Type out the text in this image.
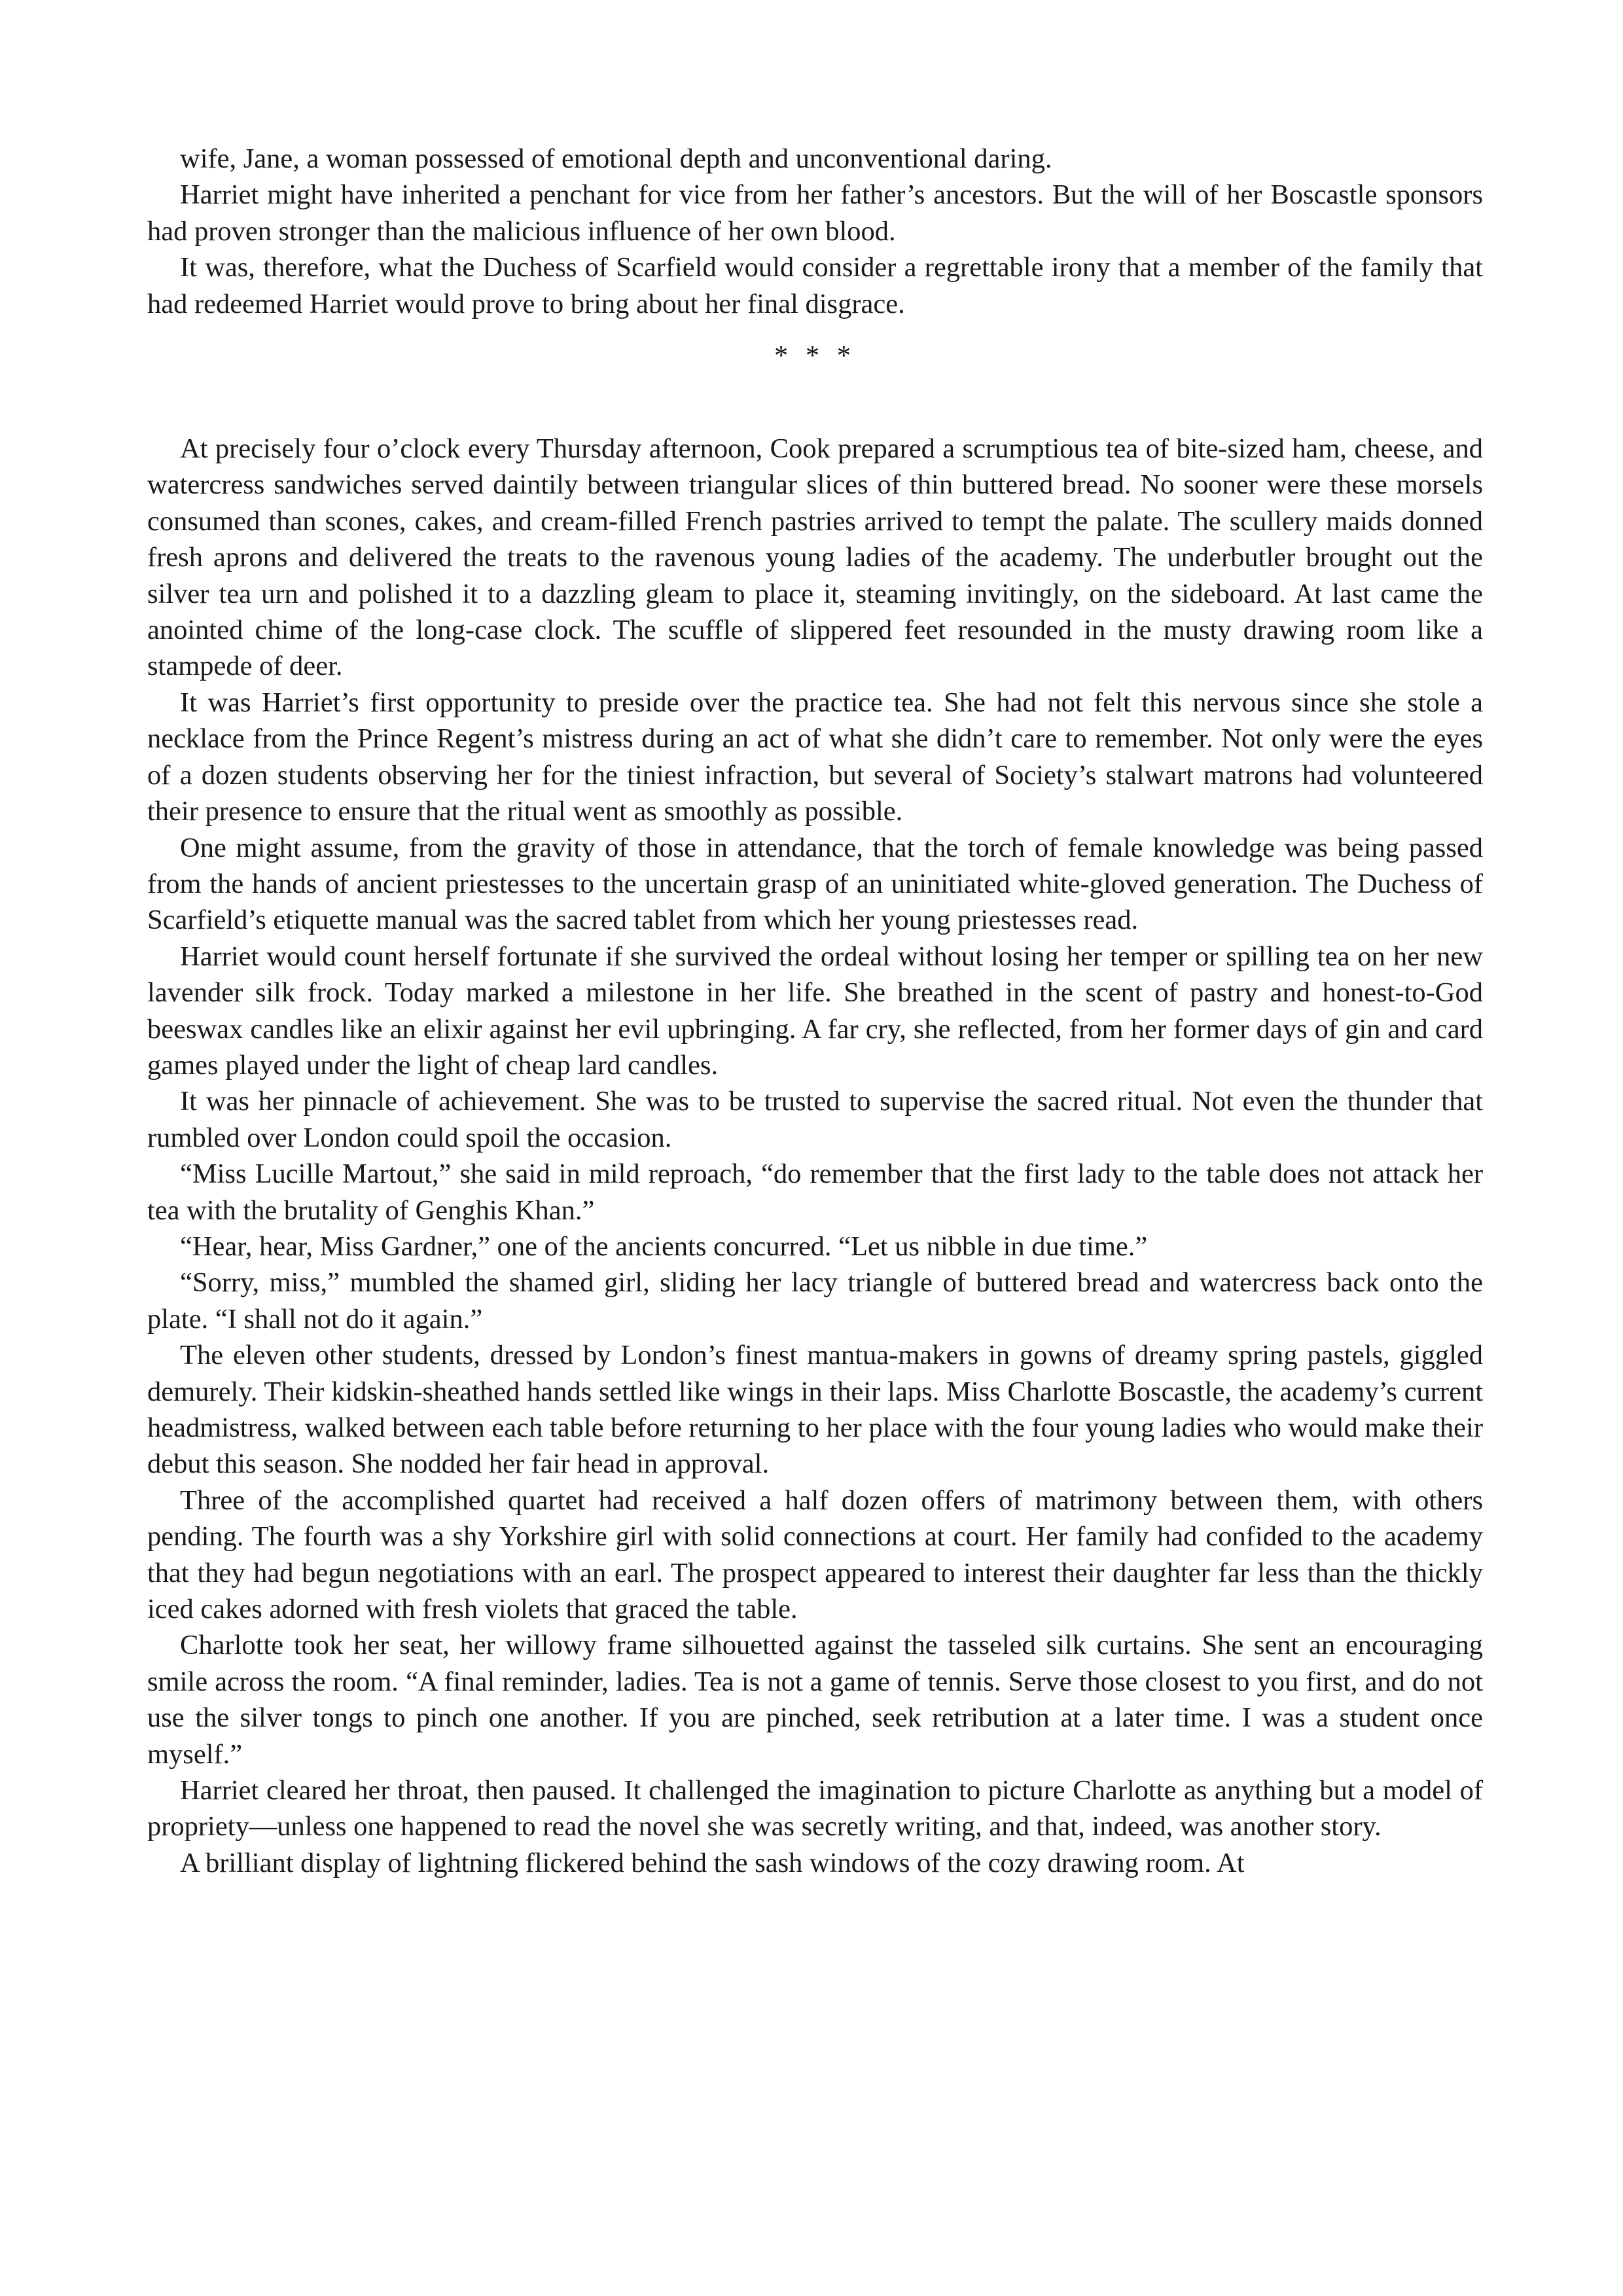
wife, Jane, a woman possessed of emotional depth and unconventional daring.

Harriet might have inherited a penchant for vice from her father’s ancestors. But the will of her Boscastle sponsors had proven stronger than the malicious influence of her own blood.

It was, therefore, what the Duchess of Scarfield would consider a regrettable irony that a member of the family that had redeemed Harriet would prove to bring about her final disgrace.

* * *

At precisely four o’clock every Thursday afternoon, Cook prepared a scrumptious tea of bite-sized ham, cheese, and watercress sandwiches served daintily between triangular slices of thin buttered bread. No sooner were these morsels consumed than scones, cakes, and cream-filled French pastries arrived to tempt the palate. The scullery maids donned fresh aprons and delivered the treats to the ravenous young ladies of the academy. The underbutler brought out the silver tea urn and polished it to a dazzling gleam to place it, steaming invitingly, on the sideboard. At last came the anointed chime of the long-case clock. The scuffle of slippered feet resounded in the musty drawing room like a stampede of deer.

It was Harriet’s first opportunity to preside over the practice tea. She had not felt this nervous since she stole a necklace from the Prince Regent’s mistress during an act of what she didn’t care to remember. Not only were the eyes of a dozen students observing her for the tiniest infraction, but several of Society’s stalwart matrons had volunteered their presence to ensure that the ritual went as smoothly as possible.

One might assume, from the gravity of those in attendance, that the torch of female knowledge was being passed from the hands of ancient priestesses to the uncertain grasp of an uninitiated white-gloved generation. The Duchess of Scarfield’s etiquette manual was the sacred tablet from which her young priestesses read.

Harriet would count herself fortunate if she survived the ordeal without losing her temper or spilling tea on her new lavender silk frock. Today marked a milestone in her life. She breathed in the scent of pastry and honest-to-God beeswax candles like an elixir against her evil upbringing. A far cry, she reflected, from her former days of gin and card games played under the light of cheap lard candles.

It was her pinnacle of achievement. She was to be trusted to supervise the sacred ritual. Not even the thunder that rumbled over London could spoil the occasion.

“Miss Lucille Martout,” she said in mild reproach, “do remember that the first lady to the table does not attack her tea with the brutality of Genghis Khan.”

“Hear, hear, Miss Gardner,” one of the ancients concurred. “Let us nibble in due time.”

“Sorry, miss,” mumbled the shamed girl, sliding her lacy triangle of buttered bread and watercress back onto the plate. “I shall not do it again.”

The eleven other students, dressed by London’s finest mantua-makers in gowns of dreamy spring pastels, giggled demurely. Their kidskin-sheathed hands settled like wings in their laps. Miss Charlotte Boscastle, the academy’s current headmistress, walked between each table before returning to her place with the four young ladies who would make their debut this season. She nodded her fair head in approval.

Three of the accomplished quartet had received a half dozen offers of matrimony between them, with others pending. The fourth was a shy Yorkshire girl with solid connections at court. Her family had confided to the academy that they had begun negotiations with an earl. The prospect appeared to interest their daughter far less than the thickly iced cakes adorned with fresh violets that graced the table.

Charlotte took her seat, her willowy frame silhouetted against the tasseled silk curtains. She sent an encouraging smile across the room. “A final reminder, ladies. Tea is not a game of tennis. Serve those closest to you first, and do not use the silver tongs to pinch one another. If you are pinched, seek retribution at a later time. I was a student once myself.”

Harriet cleared her throat, then paused. It challenged the imagination to picture Charlotte as anything but a model of propriety—unless one happened to read the novel she was secretly writing, and that, indeed, was another story.

A brilliant display of lightning flickered behind the sash windows of the cozy drawing room. At
